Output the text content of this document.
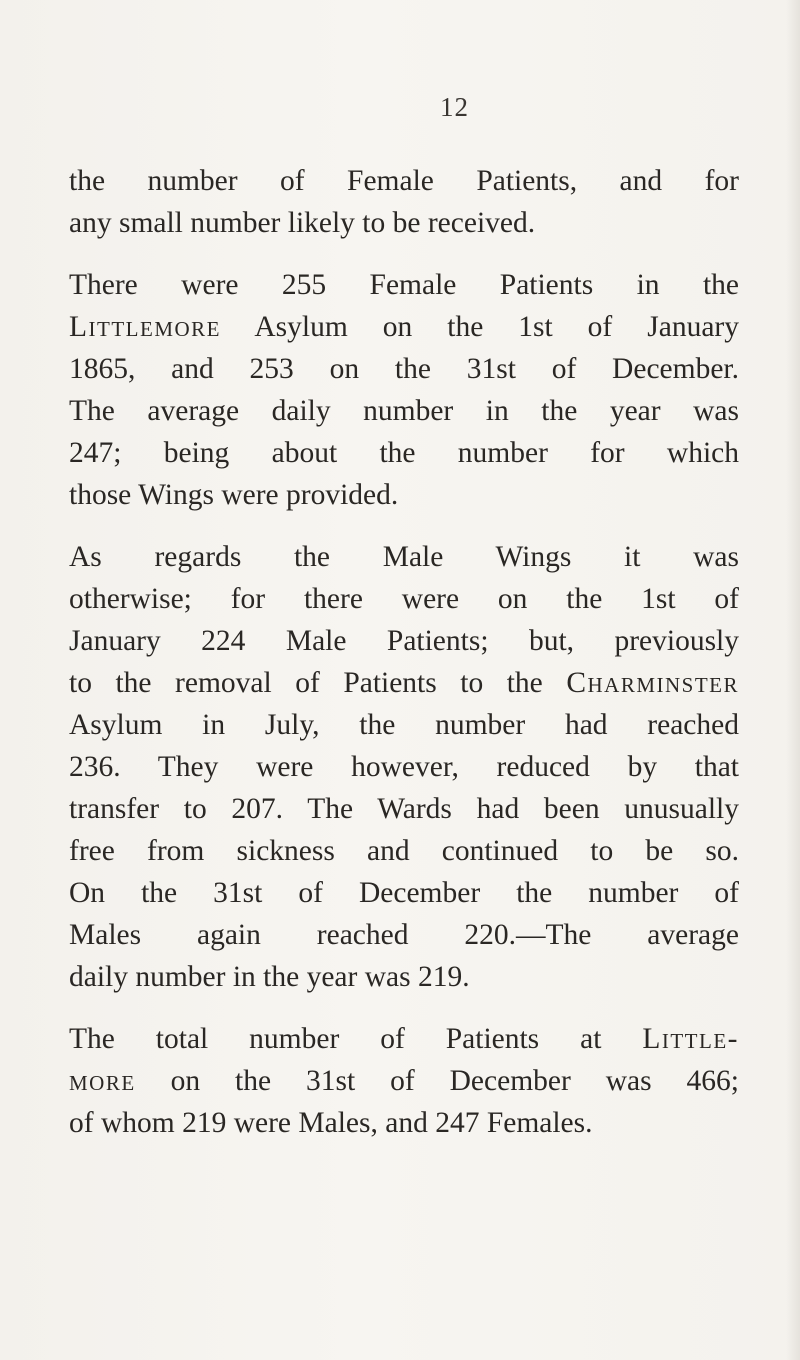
12
the number of Female Patients, and for
any small number likely to be received.
There were 255 Female Patients in the
Littlemore Asylum on the 1st of January
1865, and 253 on the 31st of December.
The average daily number in the year was
247; being about the number for which
those Wings were provided.
As regards the Male Wings it was
otherwise; for there were on the 1st of
January 224 Male Patients; but, previously
to the removal of Patients to the Charminster
Asylum in July, the number had reached
236. They were however, reduced by that
transfer to 207. The Wards had been unusually
free from sickness and continued to be so.
On the 31st of December the number of
Males again reached 220.—The average
daily number in the year was 219.
The total number of Patients at Little-
more on the 31st of December was 466;
of whom 219 were Males, and 247 Females.
